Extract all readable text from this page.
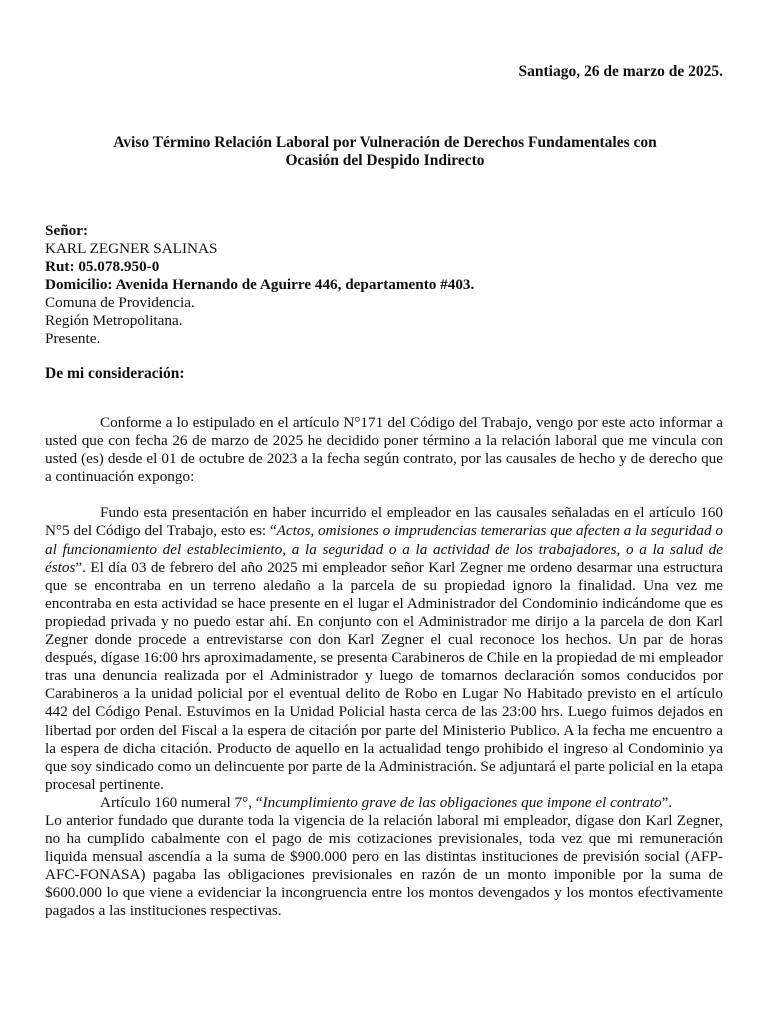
Santiago, 26 de marzo de 2025.
Aviso Término Relación Laboral por Vulneración de Derechos Fundamentales con
Ocasión del Despido Indirecto
Señor:
KARL ZEGNER SALINAS
Rut: 05.078.950-0
Domicilio: Avenida Hernando de Aguirre 446, departamento #403.
Comuna de Providencia.
Región Metropolitana.
Presente.
De mi consideración:

Conforme a lo estipulado en el artículo N°171 del Código del Trabajo, vengo por este acto informar a usted que con fecha 26 de marzo de 2025 he decidido poner término a la relación laboral que me vincula con usted (es) desde el 01 de octubre de 2023 a la fecha según contrato, por las causales de hecho y de derecho que a continuación expongo:

Fundo esta presentación en haber incurrido el empleador en las causales señaladas en el artículo 160 N°5 del Código del Trabajo, esto es: “Actos, omisiones o imprudencias temerarias que afecten a la seguridad o al funcionamiento del establecimiento, a la seguridad o a la actividad de los trabajadores, o a la salud de éstos”. El día 03 de febrero del año 2025 mi empleador señor Karl Zegner me ordeno desarmar una estructura que se encontraba en un terreno aledaño a la parcela de su propiedad ignoro la finalidad. Una vez me encontraba en esta actividad se hace presente en el lugar el Administrador del Condominio indicándome que es propiedad privada y no puedo estar ahí. En conjunto con el Administrador me dirijo a la parcela de don Karl Zegner donde procede a entrevistarse con don Karl Zegner el cual reconoce los hechos. Un par de horas después, dígase 16:00 hrs aproximadamente, se presenta Carabineros de Chile en la propiedad de mi empleador tras una denuncia realizada por el Administrador y luego de tomarnos declaración somos conducidos por Carabineros a la unidad policial por el eventual delito de Robo en Lugar No Habitado previsto en el artículo 442 del Código Penal. Estuvimos en la Unidad Policial hasta cerca de las 23:00 hrs. Luego fuimos dejados en libertad por orden del Fiscal a la espera de citación por parte del Ministerio Publico. A la fecha me encuentro a la espera de dicha citación. Producto de aquello en la actualidad tengo prohibido el ingreso al Condominio ya que soy sindicado como un delincuente por parte de la Administración. Se adjuntará el parte policial en la etapa procesal pertinente.

Artículo 160 numeral 7°, “Incumplimiento grave de las obligaciones que impone el contrato”.

Lo anterior fundado que durante toda la vigencia de la relación laboral mi empleador, dígase don Karl Zegner, no ha cumplido cabalmente con el pago de mis cotizaciones previsionales, toda vez que mi remuneración liquida mensual ascendía a la suma de $900.000 pero en las distintas instituciones de previsión social (AFP-AFC-FONASA) pagaba las obligaciones previsionales en razón de un monto imponible por la suma de $600.000 lo que viene a evidenciar la incongruencia entre los montos devengados y los montos efectivamente pagados a las instituciones respectivas.
